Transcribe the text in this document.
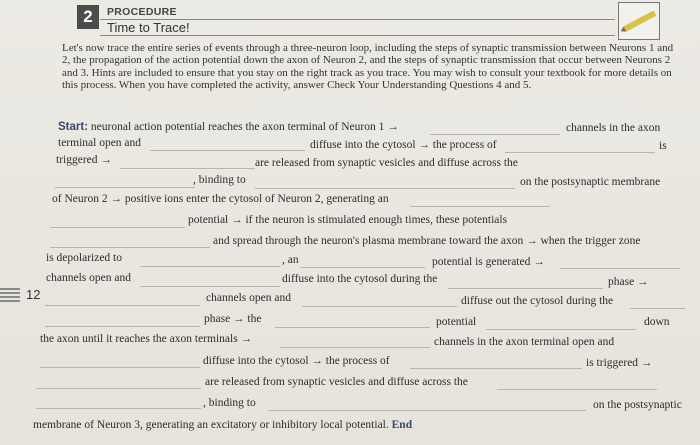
2	PROCEDURE
Time to Trace!
Let's now trace the entire series of events through a three-neuron loop, including the steps of synaptic transmission between Neurons 1 and 2, the propagation of the action potential down the axon of Neuron 2, and the steps of synaptic transmission that occur between Neurons 2 and 3. Hints are included to ensure that you stay on the right track as you trace. You may wish to consult your textbook for more details on this process. When you have completed the activity, answer Check Your Understanding Questions 4 and 5.
Start: neuronal action potential reaches the axon terminal of Neuron 1 →	channels in the axon
terminal open and	diffuse into the cytosol → the process of	is
triggered →	are released from synaptic vesicles and diffuse across the
, binding to	on the postsynaptic membrane
of Neuron 2 → positive ions enter the cytosol of Neuron 2, generating an
potential → if the neuron is stimulated enough times, these potentials
and spread through the neuron's plasma membrane toward the axon → when the trigger zone
is depolarized to	, an	potential is generated →
channels open and	diffuse into the cytosol during the	phase →
12	channels open and	diffuse out the cytosol during the
phase → the	potential	down
the axon until it reaches the axon terminals →	channels in the axon terminal open and
diffuse into the cytosol → the process of	is triggered →
are released from synaptic vesicles and diffuse across the
, binding to	on the postsynaptic
membrane of Neuron 3, generating an excitatory or inhibitory local potential. End
